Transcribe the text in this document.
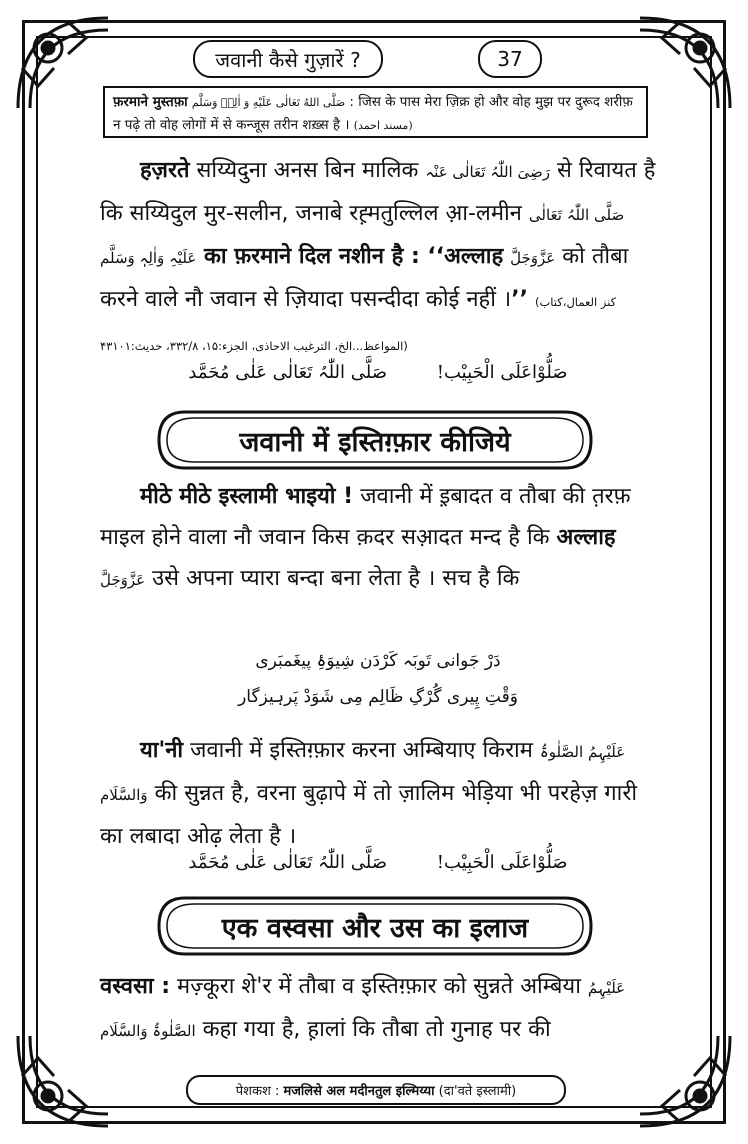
जवानी कैसे गुज़ारें ?	37
फ़रमाने मुस्तफ़ा صَلَّى اللهُ تَعَالٰى عَلَيْهِ وَ اٰلِهٖ وَسَلَّم : जिस के पास मेरा ज़िक्र हो और वोह मुझ पर दुरूद शरीफ़ न पढ़े तो वोह लोगों में से कन्जूस तरीन शख़्स है । (مسند احمد)
हज़रते सय्यिदुना अनस बिन मालिक رَضِیَ اللّٰہُ تَعَالٰی عَنْہ से रिवायत है कि सय्यिदुल मुर-सलीन, जनाबे रह़्मतुल्लिल आ़-लमीन صَلَّی اللّٰہُ تَعَالٰی عَلَیْہِ وَاٰلِہٖ وَسَلَّم का फ़रमाने दिल नशीन है : ‘‘अल्लाह عَزَّوَجَلَّ को तौबा करने वाले नौ जवान से ज़ियादा पसन्दीदा कोई नहीं ।’’ (کنز العمال،کتاب المواعظ...الخ، الترغیب الاحاذی، الجزء:۱۵، ۳۳۲/۸، حدیث:۴۳۱۰۱)
صَلُّوْاعَلَی الْحَبِیْب! صَلَّی اللّٰہُ تَعَالٰی عَلٰی مُحَمَّد
जवानी में इस्तिग़्फ़ार कीजिये
मीठे मीठे इस्लामी भाइयो ! जवानी में इ़बादत व तौबा की त़रफ़ माइल होने वाला नौ जवान किस क़दर सआ़दत मन्द है कि अल्लाह عَزَّوَجَلَّ उसे अपना प्यारा बन्दा बना लेता है । सच है कि
دَرْ جَوانی تَوبَہ کَرْدَن شِیوَۂِ پیغَمبَری
وَقْتِ پِیری گُرْگِ ظَالِم مِی شَوَدْ پَرہیزگار
या'नी जवानी में इस्तिग़्फ़ार करना अम्बियाए किराम عَلَیْہِمُ الصَّلٰوۃُ وَالسَّلَام की सुन्नत है, वरना बुढ़ापे में तो ज़ालिम भेड़िया भी परहेज़ गारी का लबादा ओढ़ लेता है ।
صَلُّوْاعَلَی الْحَبِیْب! صَلَّی اللّٰہُ تَعَالٰی عَلٰی مُحَمَّد
एक वस्वसा और उस का इलाज
वस्वसा : मज़्कूरा शे'र में तौबा व इस्तिग़्फ़ार को सुन्नते अम्बिया عَلَیْہِمُ الصَّلٰوۃُ وَالسَّلَام कहा गया है, ह़ालां कि तौबा तो गुनाह पर की
पेशकश :
मजलिसे अल मदीनतुल इल्मिय्या
(दा'वते इस्लामी)
